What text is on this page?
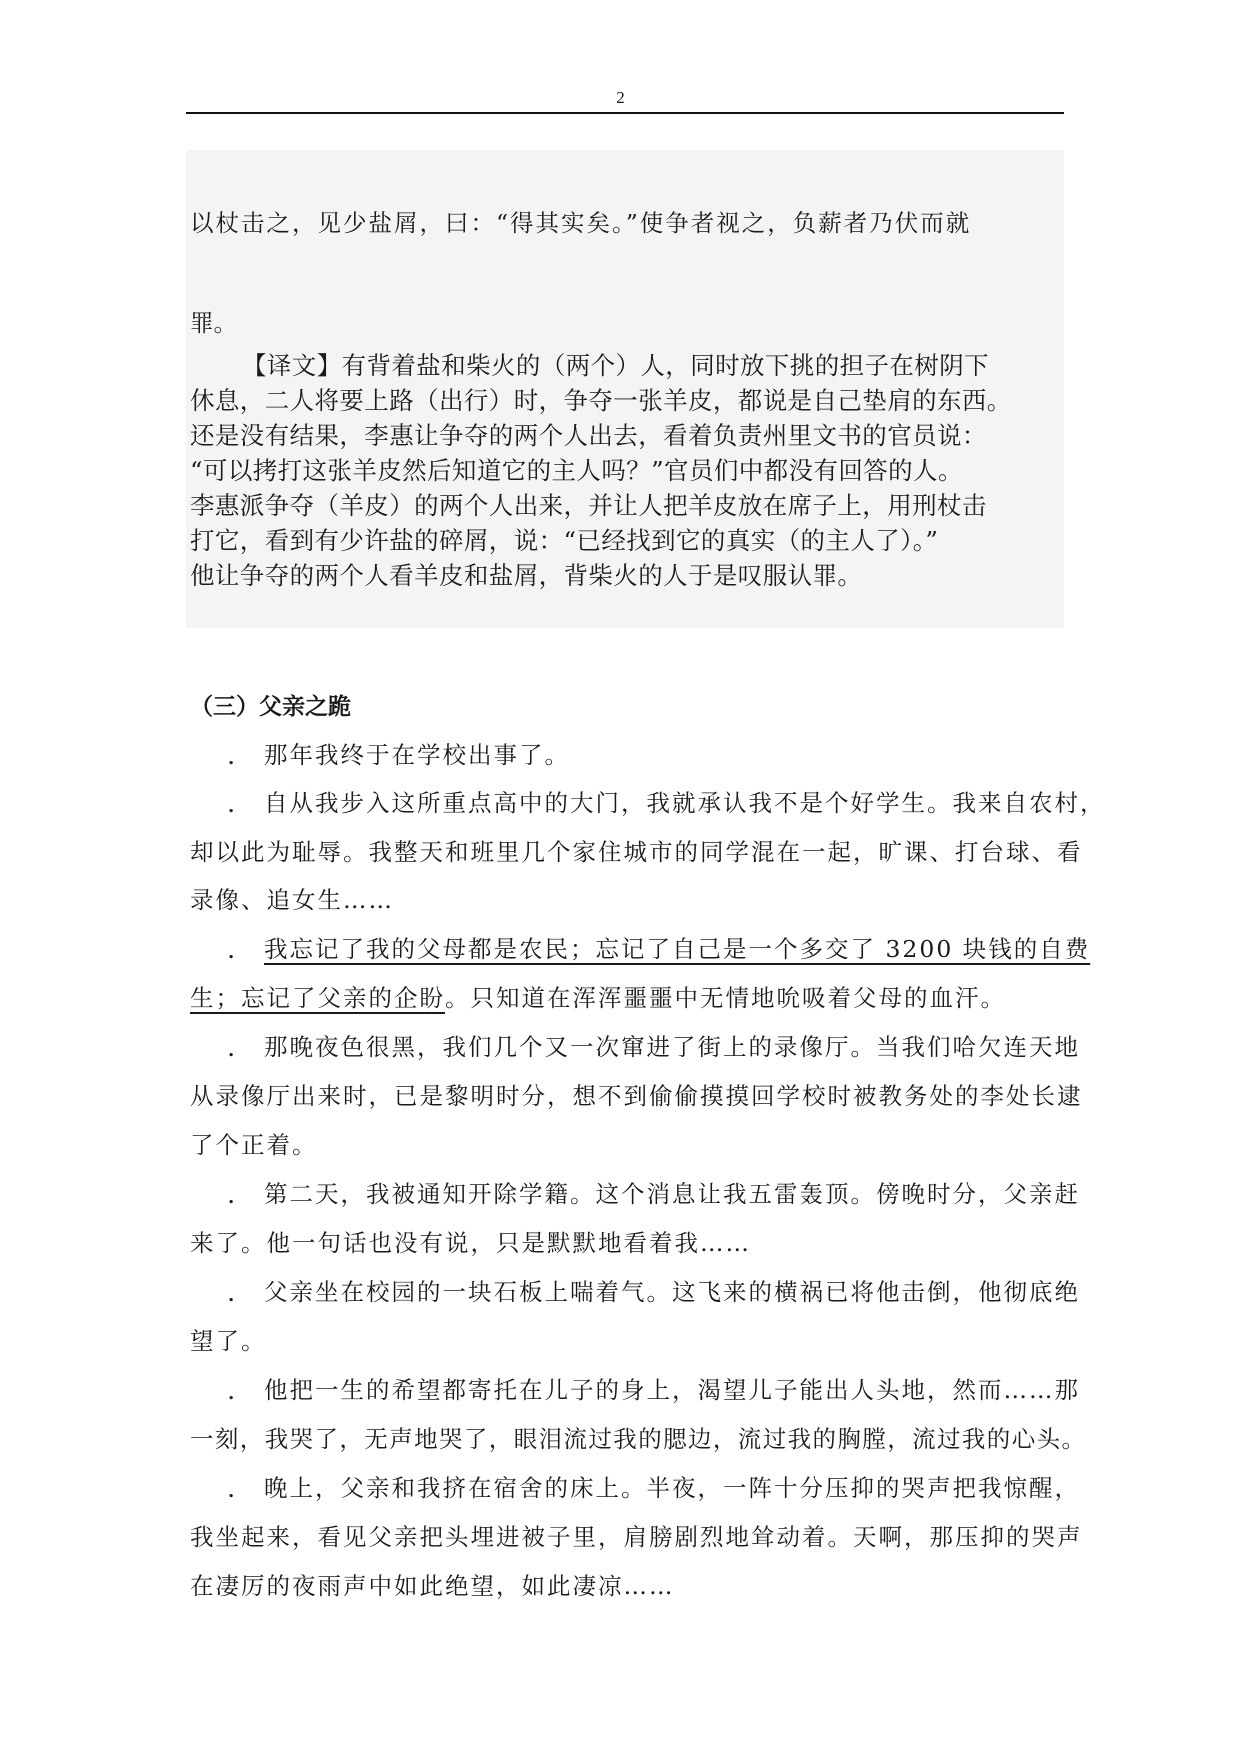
2
以杖击之，见少盐屑，曰：“得其实矣。”使争者视之，负薪者乃伏而就
罪。
【译文】有背着盐和柴火的（两个）人，同时放下挑的担子在树阴下
休息，二人将要上路（出行）时，争夺一张羊皮，都说是自己垫肩的东西。
还是没有结果，李惠让争夺的两个人出去，看着负责州里文书的官员说：
“可以拷打这张羊皮然后知道它的主人吗？”官员们中都没有回答的人。
李惠派争夺（羊皮）的两个人出来，并让人把羊皮放在席子上，用刑杖击
打它，看到有少许盐的碎屑，说：“已经找到它的真实（的主人了）。”
他让争夺的两个人看羊皮和盐屑，背柴火的人于是叹服认罪。
（三）父亲之跪
. 那年我终于在学校出事了。
. 自从我步入这所重点高中的大门，我就承认我不是个好学生。我来自农村，
却以此为耻辱。我整天和班里几个家住城市的同学混在一起，旷课、打台球、看
录像、追女生……
. 我忘记了我的父母都是农民；忘记了自己是一个多交了 3200 块钱的自费
生；忘记了父亲的企盼。只知道在浑浑噩噩中无情地吮吸着父母的血汗。
. 那晚夜色很黑，我们几个又一次窜进了街上的录像厅。当我们哈欠连天地
从录像厅出来时，已是黎明时分，想不到偷偷摸摸回学校时被教务处的李处长逮
了个正着。
. 第二天，我被通知开除学籍。这个消息让我五雷轰顶。傍晚时分，父亲赶
来了。他一句话也没有说，只是默默地看着我……
. 父亲坐在校园的一块石板上喘着气。这飞来的横祸已将他击倒，他彻底绝
望了。
. 他把一生的希望都寄托在儿子的身上，渴望儿子能出人头地，然而……那
一刻，我哭了，无声地哭了，眼泪流过我的腮边，流过我的胸膛，流过我的心头。
. 晚上，父亲和我挤在宿舍的床上。半夜，一阵十分压抑的哭声把我惊醒，
我坐起来，看见父亲把头埋进被子里，肩膀剧烈地耸动着。天啊，那压抑的哭声
在凄厉的夜雨声中如此绝望，如此凄凉……
